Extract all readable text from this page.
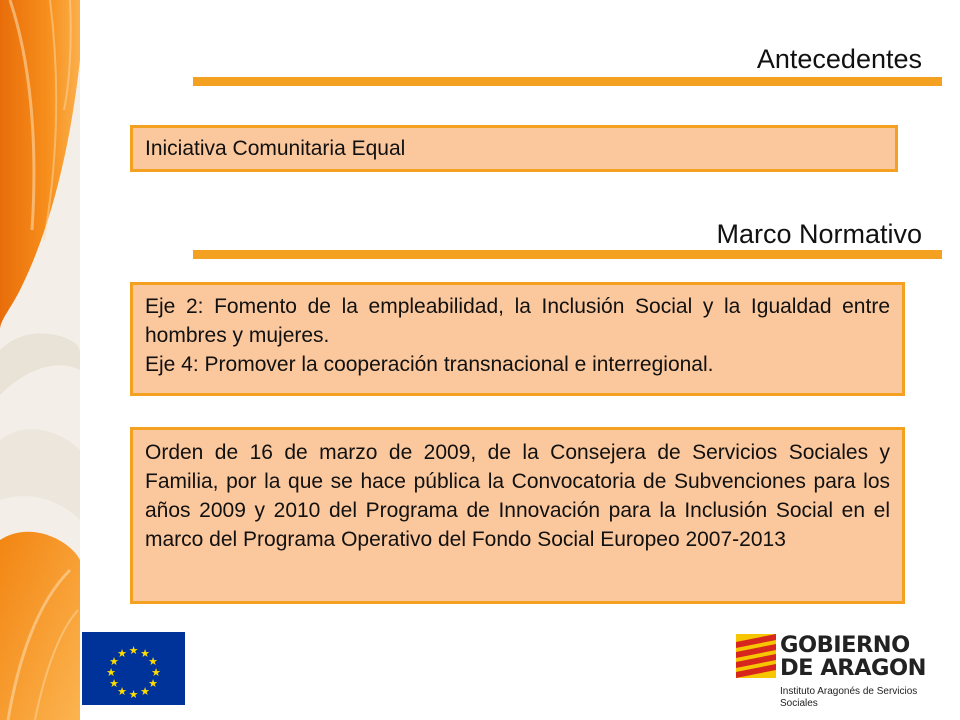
Antecedentes

Iniciativa Comunitaria Equal

Marco Normativo

Eje 2: Fomento de la empleabilidad, la Inclusión Social y la Igualdad entre hombres y mujeres.

Eje 4: Promover la cooperación transnacional e interregional.

Orden de 16 de marzo de 2009, de la Consejera de Servicios Sociales y Familia, por la que se hace pública la Convocatoria de Subvenciones para los años 2009 y 2010 del Programa de Innovación para la Inclusión Social en el marco del Programa Operativo del Fondo Social Europeo 2007-2013

★ ★
★
★
★
★
★
★
★
★
★
★	GOBIERNO
DE ARAGON
Instituto Aragonés de Servicios
Sociales
